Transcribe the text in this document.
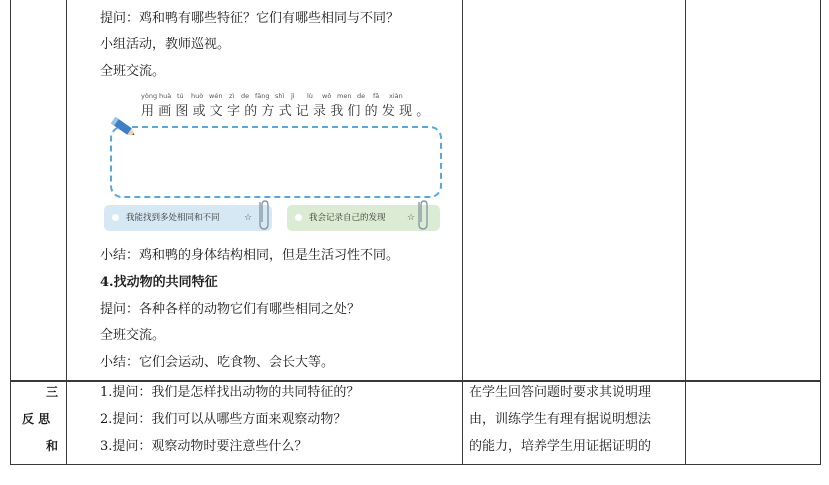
提问：鸡和鸭有哪些特征？它们有哪些相同与不同？
小组活动，教师巡视。
全班交流。
yòng huà tú huò wén zì de fāng shì jì lù wǒ men de fā xiàn
用画图或文字的方式记录我们的发现。
我能找到多处相同和不同	☆	我会记录自己的发现 ☆
小结：鸡和鸭的身体结构相同，但是生活习性不同。
4.找动物的共同特征
提问：各种各样的动物它们有哪些相同之处？
全班交流。
小结：它们会运动、吃食物、会长大等。
三
反 思
和
1.提问：我们是怎样找出动物的共同特征的？
2.提问：我们可以从哪些方面来观察动物？
3.提问：观察动物时要注意些什么？
在学生回答问题时要求其说明理
由，训练学生有理有据说明想法
的能力，培养学生用证据证明的
